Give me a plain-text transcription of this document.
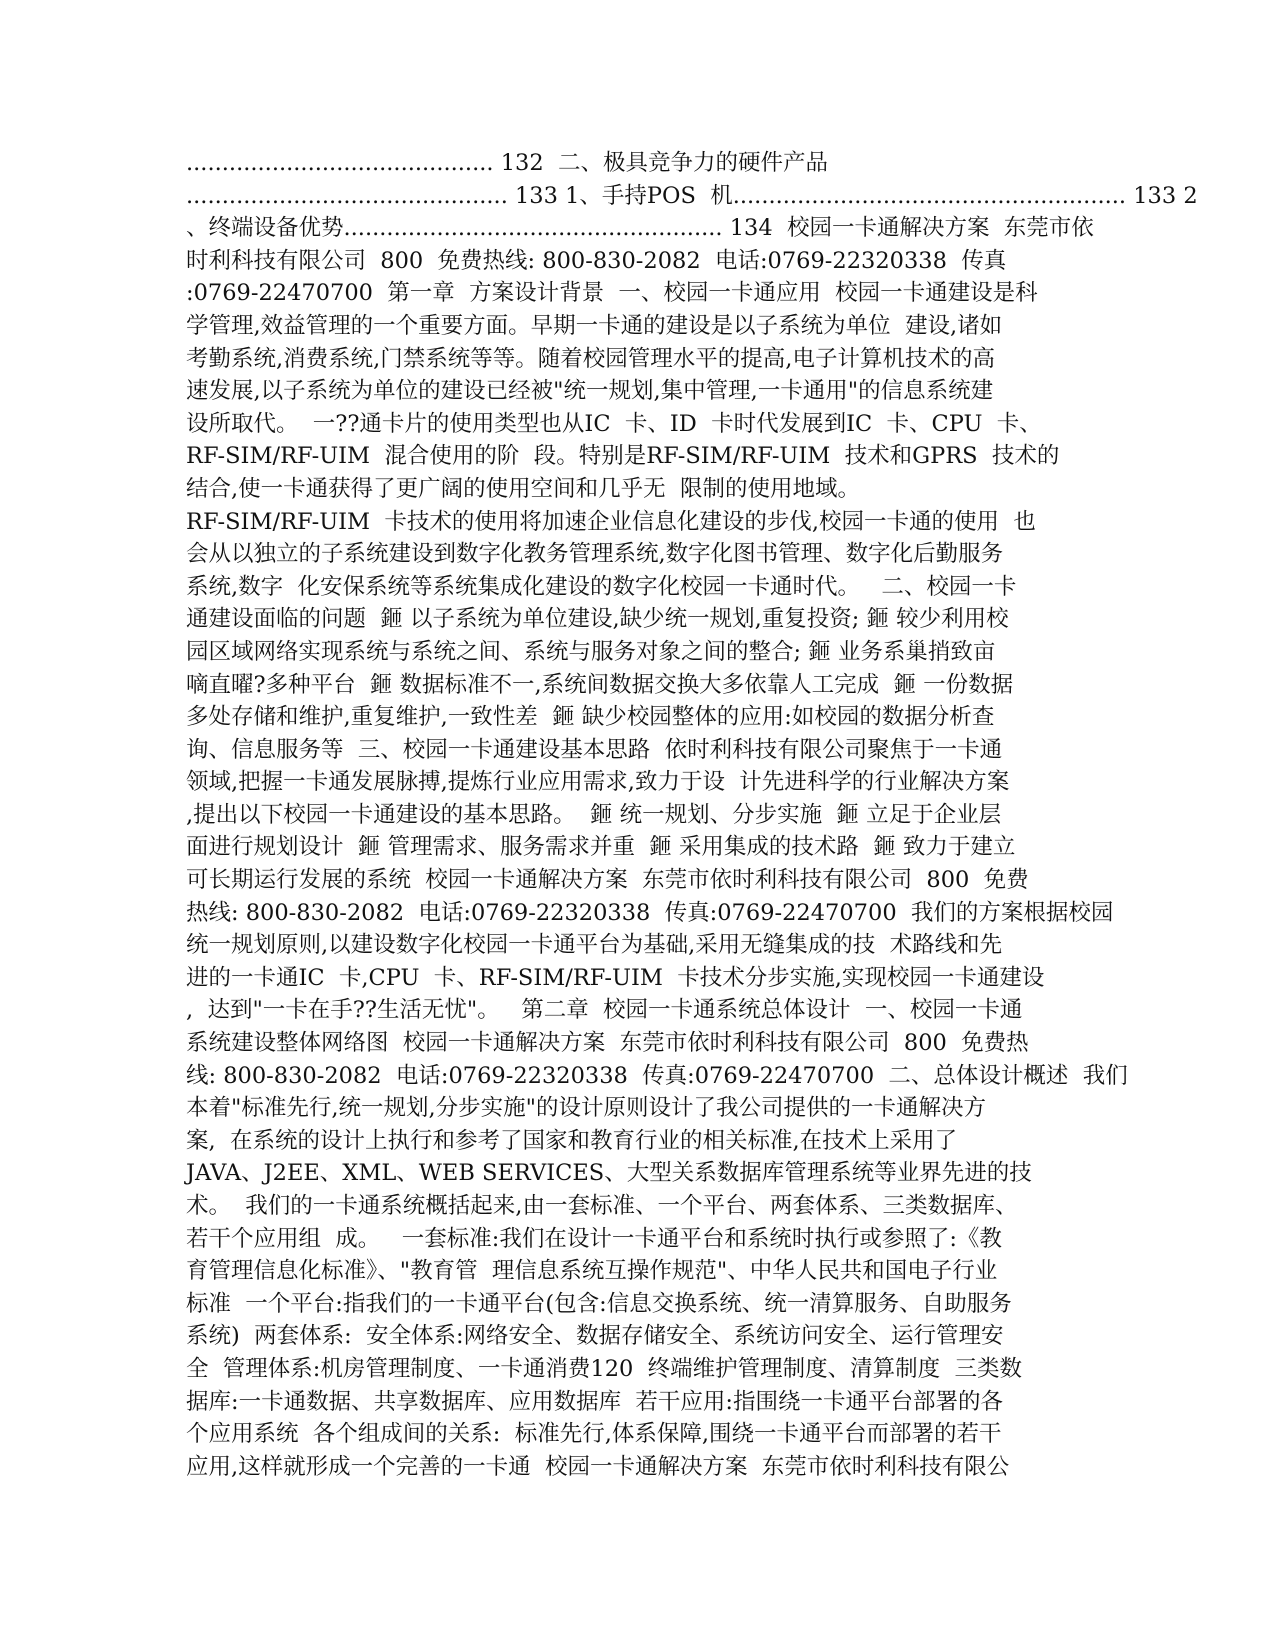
........................................... 132  二、极具竞争力的硬件产品
............................................. 133 1、手持POS  机....................................................... 133 2
、终端设备优势..................................................... 134  校园一卡通解决方案  东莞市依
时利科技有限公司  800  免费热线: 800-830-2082  电话:0769-22320338  传真
:0769-22470700  第一章  方案设计背景  一、校园一卡通应用  校园一卡通建设是科
学管理,效益管理的一个重要方面。早期一卡通的建设是以子系统为单位  建设,诸如
考勤系统,消费系统,门禁系统等等。随着校园管理水平的提高,电子计算机技术的高
速发展,以子系统为单位的建设已经被"统一规划,集中管理,一卡通用"的信息系统建
设所取代。  一??通卡片的使用类型也从IC  卡、ID  卡时代发展到IC  卡、CPU  卡、
RF-SIM/RF-UIM  混合使用的阶  段。特别是RF-SIM/RF-UIM  技术和GPRS  技术的
结合,使一卡通获得了更广阔的使用空间和几乎无  限制的使用地域。
RF-SIM/RF-UIM  卡技术的使用将加速企业信息化建设的步伐,校园一卡通的使用  也
会从以独立的子系统建设到数字化教务管理系统,数字化图书管理、数字化后勤服务
系统,数字  化安保系统等系统集成化建设的数字化校园一卡通时代。   二、校园一卡
通建设面临的问题  鉔 以子系统为单位建设,缺少统一规划,重复投资; 鉔 较少利用校
园区域网络实现系统与系统之间、系统与服务对象之间的整合; 鉔 业务系巢捎致亩
嘀直曜?多种平台  鉔 数据标准不一,系统间数据交换大多依靠人工完成  鉔 一份数据
多处存储和维护,重复维护,一致性差  鉔 缺少校园整体的应用:如校园的数据分析查
询、信息服务等  三、校园一卡通建设基本思路  依时利科技有限公司聚焦于一卡通
领域,把握一卡通发展脉搏,提炼行业应用需求,致力于设  计先进科学的行业解决方案
,提出以下校园一卡通建设的基本思路。  鉔 统一规划、分步实施  鉔 立足于企业层
面进行规划设计  鉔 管理需求、服务需求并重  鉔 采用集成的技术路  鉔 致力于建立
可长期运行发展的系统  校园一卡通解决方案  东莞市依时利科技有限公司  800  免费
热线: 800-830-2082  电话:0769-22320338  传真:0769-22470700  我们的方案根据校园
统一规划原则,以建设数字化校园一卡通平台为基础,采用无缝集成的技  术路线和先
进的一卡通IC  卡,CPU  卡、RF-SIM/RF-UIM  卡技术分步实施,实现校园一卡通建设
,  达到"一卡在手??生活无忧"。   第二章  校园一卡通系统总体设计  一、校园一卡通
系统建设整体网络图  校园一卡通解决方案  东莞市依时利科技有限公司  800  免费热
线: 800-830-2082  电话:0769-22320338  传真:0769-22470700  二、总体设计概述  我们
本着"标准先行,统一规划,分步实施"的设计原则设计了我公司提供的一卡通解决方
案,  在系统的设计上执行和参考了国家和教育行业的相关标准,在技术上采用了
JAVA、J2EE、XML、WEB SERVICES、大型关系数据库管理系统等业界先进的技
术。  我们的一卡通系统概括起来,由一套标准、一个平台、两套体系、三类数据库、
若干个应用组  成。   一套标准:我们在设计一卡通平台和系统时执行或参照了:《教
育管理信息化标准》、"教育管  理信息系统互操作规范"、中华人民共和国电子行业
标准  一个平台:指我们的一卡通平台(包含:信息交换系统、统一清算服务、自助服务
系统)  两套体系:  安全体系:网络安全、数据存储安全、系统访问安全、运行管理安
全  管理体系:机房管理制度、一卡通消费120  终端维护管理制度、清算制度  三类数
据库:一卡通数据、共享数据库、应用数据库  若干应用:指围绕一卡通平台部署的各
个应用系统  各个组成间的关系:  标准先行,体系保障,围绕一卡通平台而部署的若干
应用,这样就形成一个完善的一卡通  校园一卡通解决方案  东莞市依时利科技有限公
